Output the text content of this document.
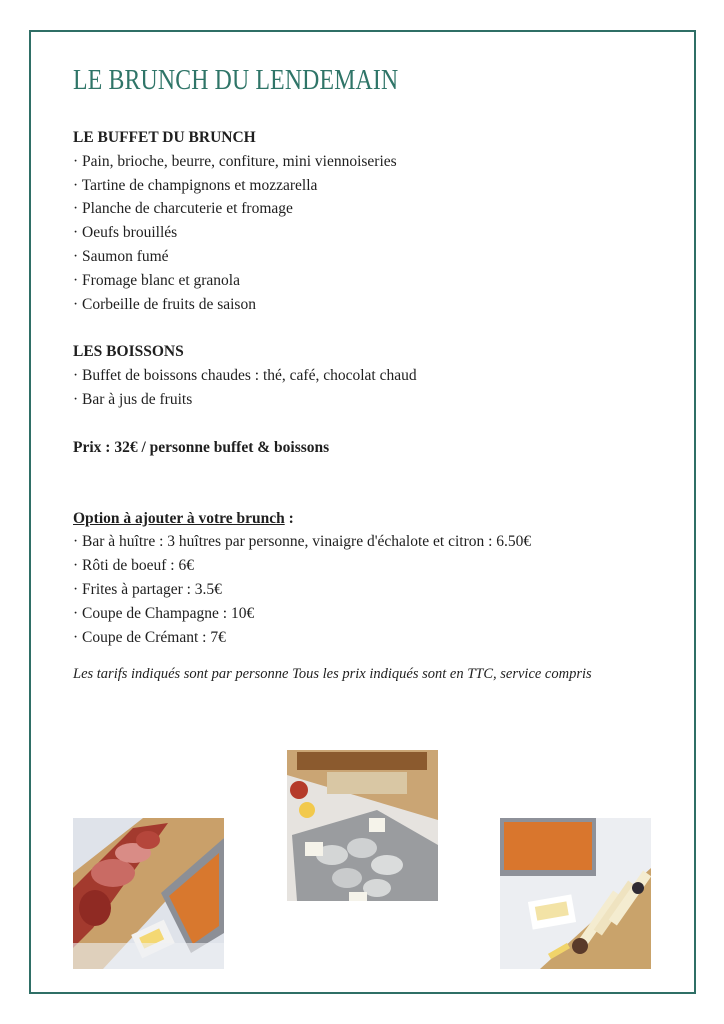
LE BRUNCH DU LENDEMAIN
LE BUFFET DU BRUNCH
· Pain, brioche, beurre, confiture, mini viennoiseries
· Tartine de champignons et mozzarella
· Planche de charcuterie et fromage
· Oeufs brouillés
· Saumon fumé
· Fromage blanc et granola
· Corbeille de fruits de saison
LES BOISSONS
· Buffet de boissons chaudes : thé, café, chocolat chaud
· Bar à jus de fruits
Prix : 32€ / personne buffet & boissons
Option à ajouter à votre brunch :
· Bar à huître : 3 huîtres par personne, vinaigre d'échalote et citron : 6.50€
· Rôti de boeuf : 6€
· Frites à partager : 3.5€
· Coupe de Champagne : 10€
· Coupe de Crémant : 7€
Les tarifs indiqués sont par personne Tous les prix indiqués sont en TTC, service compris
